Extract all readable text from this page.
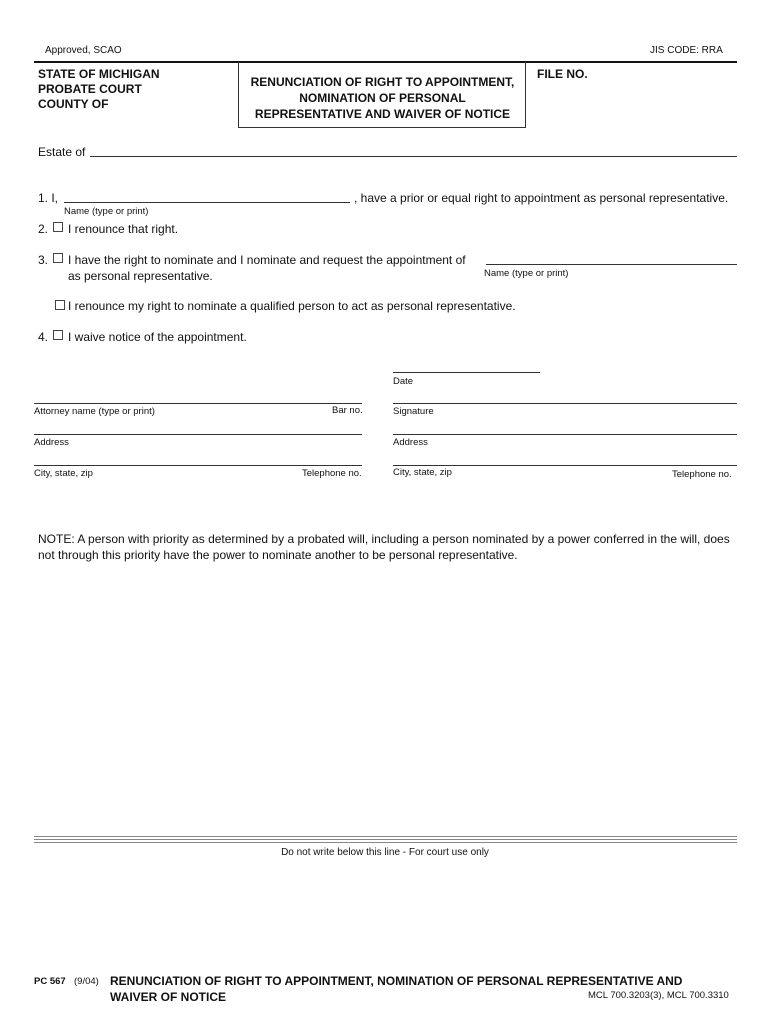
Approved, SCAO	JIS CODE: RRA
STATE OF MICHIGAN
PROBATE COURT
COUNTY OF
RENUNCIATION OF RIGHT TO APPOINTMENT,
NOMINATION OF PERSONAL
REPRESENTATIVE AND WAIVER OF NOTICE
FILE NO.
Estate of
1. I,	, have a prior or equal right to appointment as personal representative.
Name (type or print)
2. I renounce that right.
3. I have the right to nominate and I nominate and request the appointment of
as personal representative.	Name (type or print)
I renounce my right to nominate a qualified person to act as personal representative.
4. I waive notice of the appointment.
Date
Attorney name (type or print)	Bar no.	Signature
Address	Address
City, state, zip	Telephone no.	City, state, zip	Telephone no.
NOTE: A person with priority as determined by a probated will, including a person nominated by a power conferred in the will, does
not through this priority have the power to nominate another to be personal representative.
Do not write below this line - For court use only
PC 567 (9/04) RENUNCIATION OF RIGHT TO APPOINTMENT, NOMINATION OF PERSONAL REPRESENTATIVE AND
WAIVER OF NOTICE	MCL 700.3203(3), MCL 700.3310
